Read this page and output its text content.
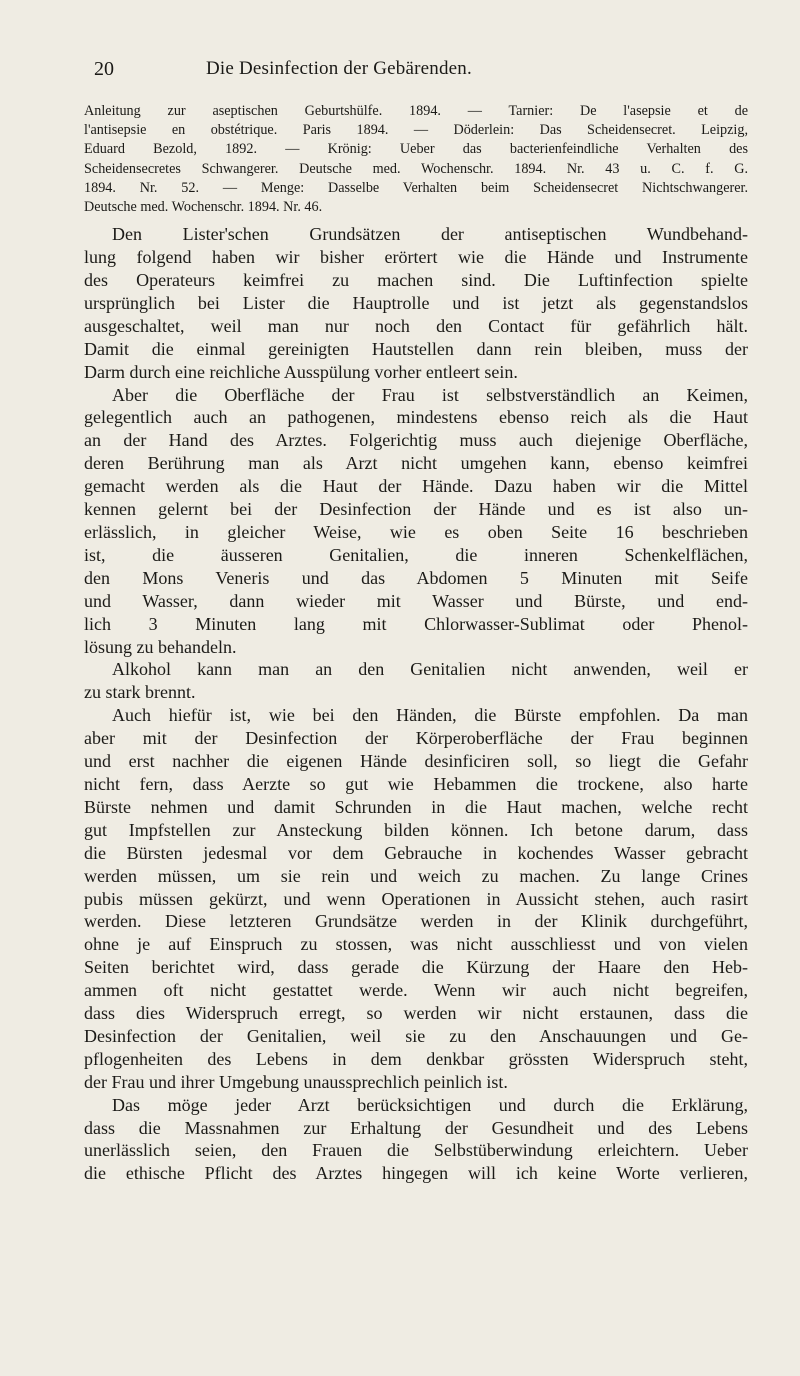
20	Die Desinfection der Gebärenden.
Anleitung zur aseptischen Geburtshülfe. 1894. — Tarnier: De l'asepsie et de
l'antisepsie en obstétrique. Paris 1894. — Döderlein: Das Scheidensecret. Leipzig,
Eduard Bezold, 1892. — Krönig: Ueber das bacterienfeindliche Verhalten des
Scheidensecretes Schwangerer. Deutsche med. Wochenschr. 1894. Nr. 43 u. C. f. G.
1894. Nr. 52. — Menge: Dasselbe Verhalten beim Scheidensecret Nichtschwangerer.
Deutsche med. Wochenschr. 1894. Nr. 46.
Den Lister'schen Grundsätzen der antiseptischen Wundbehand-
lung folgend haben wir bisher erörtert wie die Hände und Instrumente
des Operateurs keimfrei zu machen sind. Die Luftinfection spielte
ursprünglich bei Lister die Hauptrolle und ist jetzt als gegenstandslos
ausgeschaltet, weil man nur noch den Contact für gefährlich hält.
Damit die einmal gereinigten Hautstellen dann rein bleiben, muss der
Darm durch eine reichliche Ausspülung vorher entleert sein.
Aber die Oberfläche der Frau ist selbstverständlich an Keimen,
gelegentlich auch an pathogenen, mindestens ebenso reich als die Haut
an der Hand des Arztes. Folgerichtig muss auch diejenige Oberfläche,
deren Berührung man als Arzt nicht umgehen kann, ebenso keimfrei
gemacht werden als die Haut der Hände. Dazu haben wir die Mittel
kennen gelernt bei der Desinfection der Hände und es ist also un-
erlässlich, in gleicher Weise, wie es oben Seite 16 beschrieben
ist, die äusseren Genitalien, die inneren Schenkelflächen,
den Mons Veneris und das Abdomen 5 Minuten mit Seife
und Wasser, dann wieder mit Wasser und Bürste, und end-
lich 3 Minuten lang mit Chlorwasser-Sublimat oder Phenol-
lösung zu behandeln.
Alkohol kann man an den Genitalien nicht anwenden, weil er
zu stark brennt.
Auch hiefür ist, wie bei den Händen, die Bürste empfohlen. Da man
aber mit der Desinfection der Körperoberfläche der Frau beginnen
und erst nachher die eigenen Hände desinficiren soll, so liegt die Gefahr
nicht fern, dass Aerzte so gut wie Hebammen die trockene, also harte
Bürste nehmen und damit Schrunden in die Haut machen, welche recht
gut Impfstellen zur Ansteckung bilden können. Ich betone darum, dass
die Bürsten jedesmal vor dem Gebrauche in kochendes Wasser gebracht
werden müssen, um sie rein und weich zu machen. Zu lange Crines
pubis müssen gekürzt, und wenn Operationen in Aussicht stehen, auch rasirt
werden. Diese letzteren Grundsätze werden in der Klinik durchgeführt,
ohne je auf Einspruch zu stossen, was nicht ausschliesst und von vielen
Seiten berichtet wird, dass gerade die Kürzung der Haare den Heb-
ammen oft nicht gestattet werde. Wenn wir auch nicht begreifen,
dass dies Widerspruch erregt, so werden wir nicht erstaunen, dass die
Desinfection der Genitalien, weil sie zu den Anschauungen und Ge-
pflogenheiten des Lebens in dem denkbar grössten Widerspruch steht,
der Frau und ihrer Umgebung unaussprechlich peinlich ist.
Das möge jeder Arzt berücksichtigen und durch die Erklärung,
dass die Massnahmen zur Erhaltung der Gesundheit und des Lebens
unerlässlich seien, den Frauen die Selbstüberwindung erleichtern. Ueber
die ethische Pflicht des Arztes hingegen will ich keine Worte verlieren,
